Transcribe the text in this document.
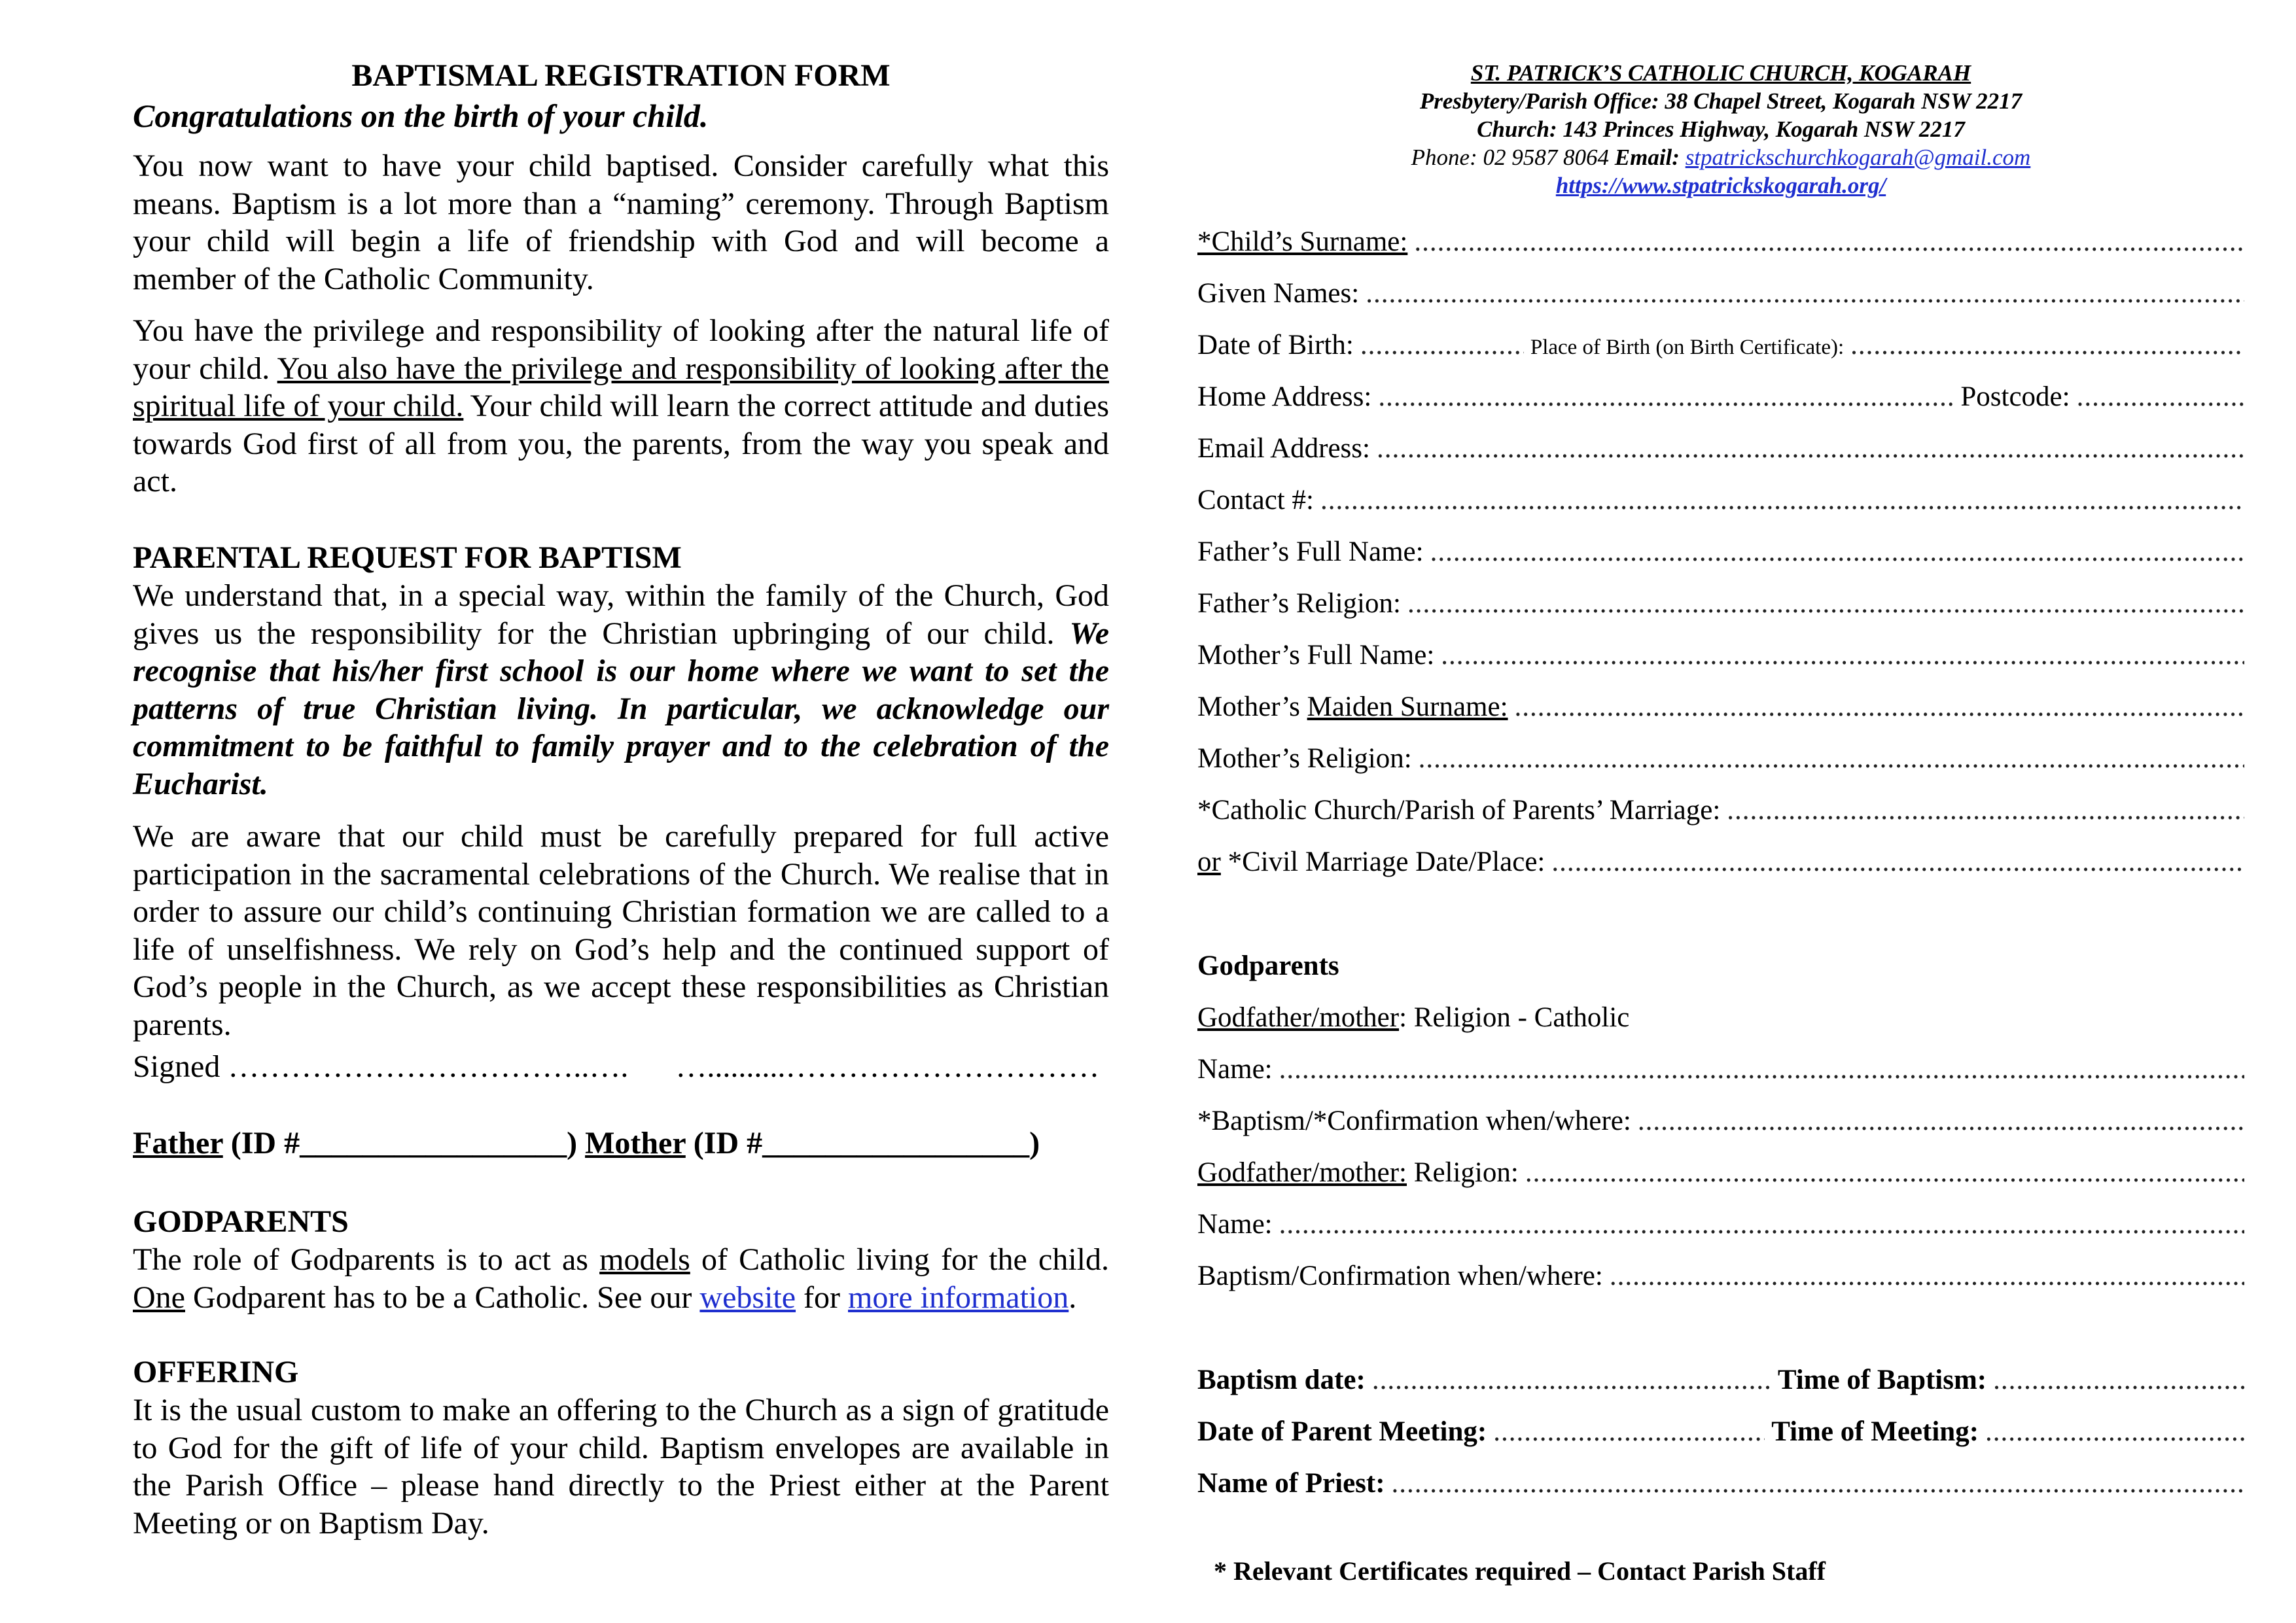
BAPTISMAL REGISTRATION FORM
Congratulations on the birth of your child.

You now want to have your child baptised. Consider carefully what this means. Baptism is a lot more than a “naming” ceremony. Through Baptism your child will begin a life of friendship with God and will become a member of the Catholic Community.

You have the privilege and responsibility of looking after the natural life of your child. You also have the privilege and responsibility of looking after the spiritual life of your child. Your child will learn the correct attitude and duties towards God first of all from you, the parents, from the way you speak and act.

PARENTAL REQUEST FOR BAPTISM

We understand that, in a special way, within the family of the Church, God gives us the responsibility for the Christian upbringing of our child. We recognise that his/her first school is our home where we want to set the patterns of true Christian living. In particular, we acknowledge our commitment to be faithful to family prayer and to the celebration of the Eucharist.

We are aware that our child must be carefully prepared for full active participation in the sacramental celebrations of the Church. We realise that in order to assure our child’s continuing Christian formation we are called to a life of unselfishness. We rely on God’s help and the continued support of God’s people in the Church, as we accept these responsibilities as Christian parents.

Signed ……………………………..….      …..........…………………………
Father (ID #_________________) Mother (ID #_________________)
GODPARENTS

The role of Godparents is to act as models of Catholic living for the child. One Godparent has to be a Catholic. See our website for more information.

OFFERING

It is the usual custom to make an offering to the Church as a sign of gratitude to God for the gift of life of your child. Baptism envelopes are available in the Parish Office – please hand directly to the Priest either at the Parent Meeting or on Baptism Day.

ST. PATRICK’S CATHOLIC CHURCH, KOGARAH
Presbytery/Parish Office: 38 Chapel Street, Kogarah NSW 2217
Church: 143 Princes Highway, Kogarah NSW 2217
Phone: 02 9587 8064 Email: stpatrickschurchkogarah@gmail.com
https://www.stpatrickskogarah.org/
*Child’s Surname:
.....
Given Names:
.....
Date of Birth: .....	Place of Birth (on Birth Certificate):
.....
Home Address: .....	Postcode:
.....
Email Address:
.....
Contact #:
.....
Father’s Full Name:
.....
Father’s Religion:
.....
Mother’s Full Name:
.....
Mother’s Maiden Surname:
.....
Mother’s Religion:
.....
*Catholic Church/Parish of Parents’ Marriage:
.....
or *Civil Marriage Date/Place:
.....
Godparents
Godfather/mother: Religion - Catholic
Name:
.....
*Baptism/*Confirmation when/where:
.....
Godfather/mother: Religion:
.....
Name:
.....
Baptism/Confirmation when/where:
.....
Baptism date: .....	Time of Baptism:
.....
Date of Parent Meeting: .....	Time of Meeting:
.....
Name of Priest:
.....
* Relevant Certificates required – Contact Parish Staff
